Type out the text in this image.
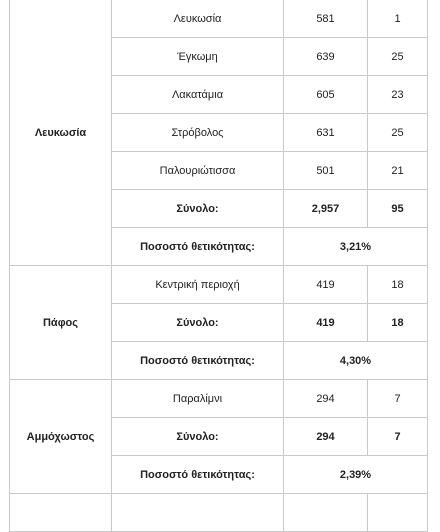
Λευκωσία	Λευκωσία	581	1
	Έγκωμη	639	25
	Λακατάμια	605	23
	Στρόβολος	631	25
	Παλουριώτισσα	501	21
	Σύνολο:	2,957	95
	Ποσοστό θετικότητας:	3,21%	
Πάφος	Κεντρική περιοχή	419	18
	Σύνολο:	419	18
	Ποσοστό θετικότητας:	4,30%	
Αμμόχωστος	Παραλίμνι	294	7
	Σύνολο:	294	7
	Ποσοστό θετικότητας:	2,39%	
